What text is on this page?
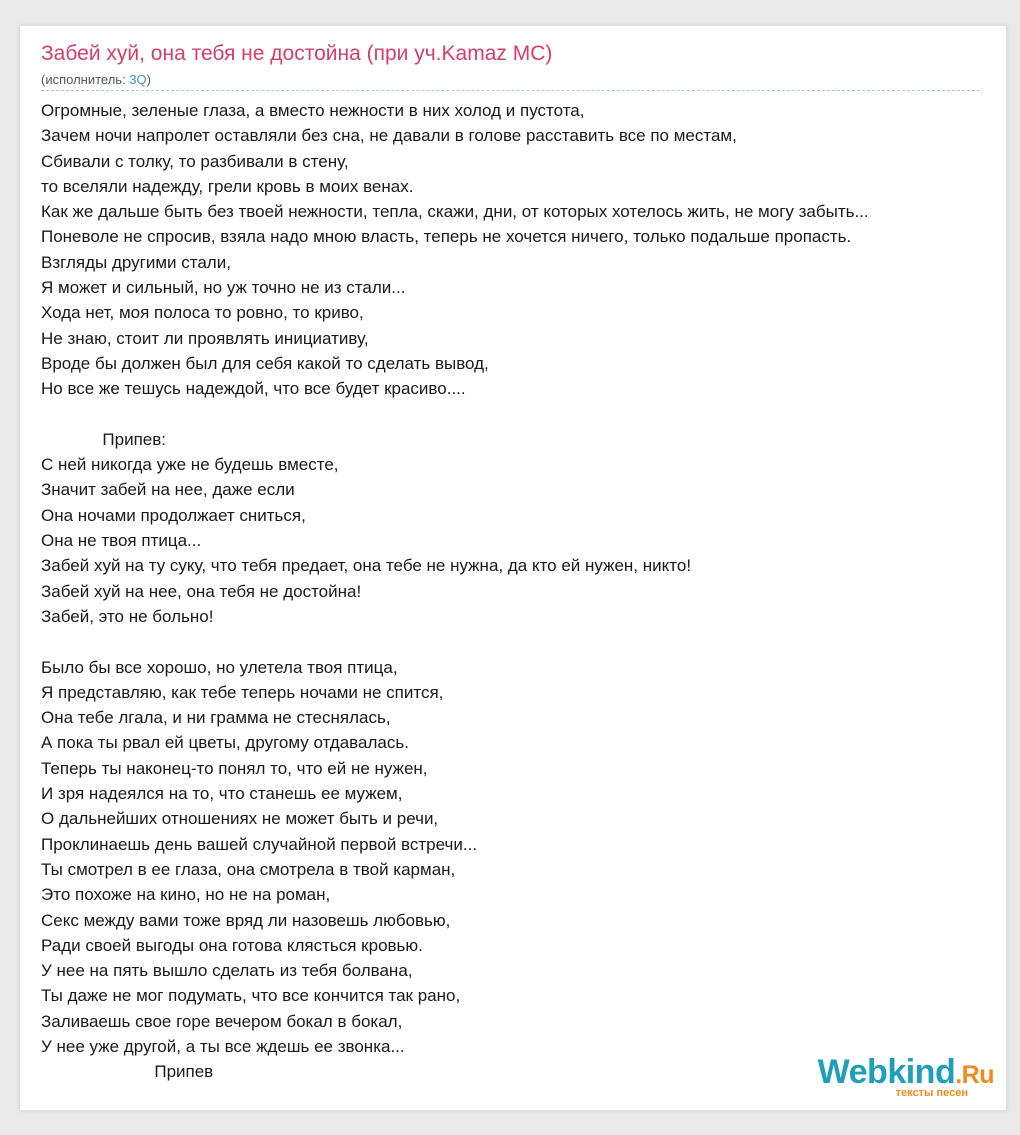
Забей хуй, она тебя не достойна (при уч.Kamaz MC)
(исполнитель: 3Q)
Огромные, зеленые глаза, а вместо нежности в них холод и пустота,
Зачем ночи напролет оставляли без сна, не давали в голове расставить все по местам,
Сбивали с толку, то разбивали в стену,
то вселяли надежду, грели кровь в моих венах.
Как же дальше быть без твоей нежности, тепла, скажи, дни, от которых хотелось жить, не могу забыть...
Поневоле не спросив, взяла надо мною власть, теперь не хочется ничего, только подальше пропасть.
Взгляды другими стали,
Я может и сильный, но уж точно не из стали...
Хода нет, моя полоса то ровно, то криво,
Не знаю, стоит ли проявлять инициативу,
Вроде бы должен был для себя какой то сделать вывод,
Но все же тешусь надеждой, что все будет красиво....

Припев:
С ней никогда уже не будешь вместе,
Значит забей на нее, даже если
Она ночами продолжает сниться,
Она не твоя птица...
Забей хуй на ту суку, что тебя предает, она тебе не нужна, да кто ей нужен, никто!
Забей хуй на нее, она тебя не достойна!
Забей, это не больно!

Было бы все хорошо, но улетела твоя птица,
Я представляю, как тебе теперь ночами не спится,
Она тебе лгала, и ни грамма не стеснялась,
А пока ты рвал ей цветы, другому отдавалась.
Теперь ты наконец-то понял то, что ей не нужен,
И зря надеялся на то, что станешь ее мужем,
О дальнейших отношениях не может быть и речи,
Проклинаешь день вашей случайной первой встречи...
Ты смотрел в ее глаза, она смотрела в твой карман,
Это похоже на кино, но не на роман,
Секс между вами тоже вряд ли назовешь любовью,
Ради своей выгоды она готова клясться кровью.
У нее на пять вышло сделать из тебя болвана,
Ты даже не мог подумать, что все кончится так рано,
Заливаешь свое горе вечером бокал в бокал,
У нее уже другой, а ты все ждешь ее звонка...
Припев	Webkind.Ru
тексты песен
